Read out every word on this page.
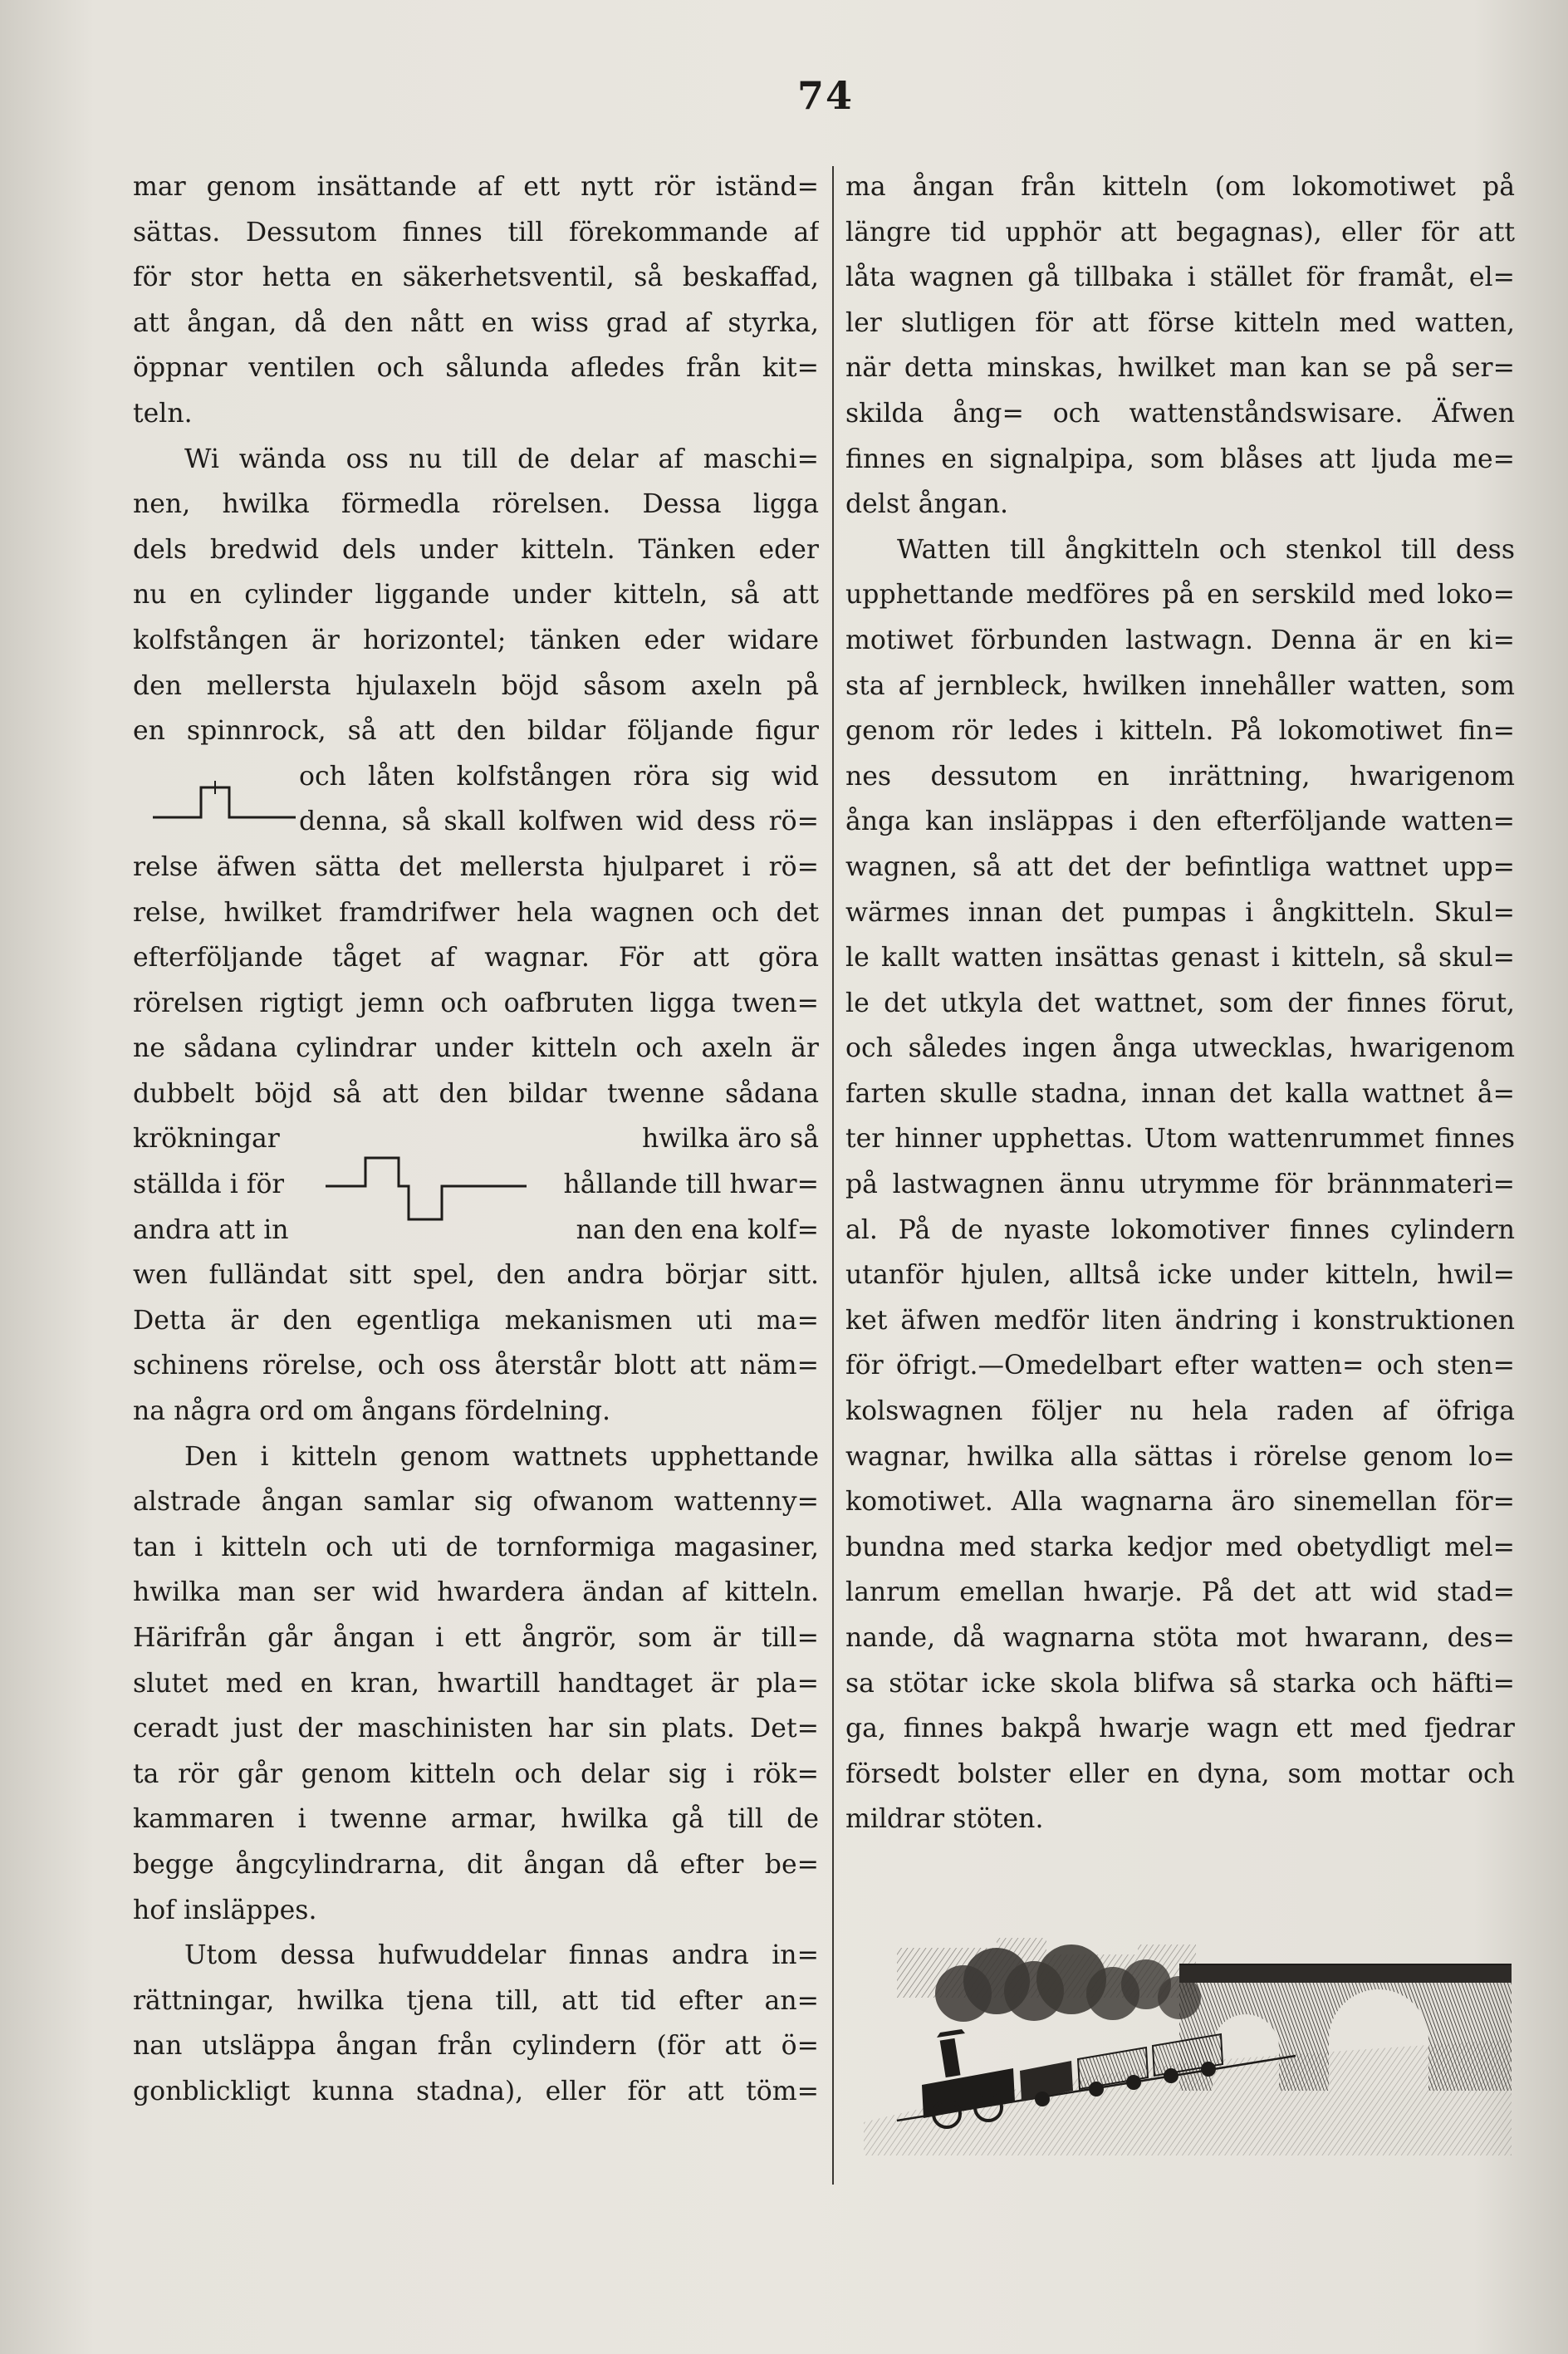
74
mar genom insättande af ett nytt rör iständ=
sättas. Dessutom finnes till förekommande af
för stor hetta en säkerhetsventil, så beskaffad,
att ångan, då den nått en wiss grad af styrka,
öppnar ventilen och sålunda afledes från kit=
teln.
Wi wända oss nu till de delar af maschi=
nen, hwilka förmedla rörelsen. Dessa ligga
dels bredwid dels under kitteln. Tänken eder
nu en cylinder liggande under kitteln, så att
kolfstången är horizontel; tänken eder widare
den mellersta hjulaxeln böjd såsom axeln på
en spinnrock, så att den bildar följande figur
och låten kolfstången röra sig wid
denna, så skall kolfwen wid dess rö=
relse äfwen sätta det mellersta hjulparet i rö=
relse, hwilket framdrifwer hela wagnen och det
efterföljande tåget af wagnar. För att göra
rörelsen rigtigt jemn och oafbruten ligga twen=
ne sådana cylindrar under kitteln och axeln är
dubbelt böjd så att den bildar twenne sådana
krökningar	hwilka äro så
ställda i för	hållande till hwar=
andra att in	nan den ena kolf=
wen fulländat sitt spel, den andra börjar sitt.
Detta är den egentliga mekanismen uti ma=
schinens rörelse, och oss återstår blott att näm=
na några ord om ångans fördelning.
Den i kitteln genom wattnets upphettande
alstrade ångan samlar sig ofwanom wattenny=
tan i kitteln och uti de tornformiga magasiner,
hwilka man ser wid hwardera ändan af kitteln.
Härifrån går ångan i ett ångrör, som är till=
slutet med en kran, hwartill handtaget är pla=
ceradt just der maschinisten har sin plats. Det=
ta rör går genom kitteln och delar sig i rök=
kammaren i twenne armar, hwilka gå till de
begge ångcylindrarna, dit ångan då efter be=
hof insläppes.
Utom dessa hufwuddelar finnas andra in=
rättningar, hwilka tjena till, att tid efter an=
nan utsläppa ångan från cylindern (för att ö=
gonblickligt kunna stadna), eller för att töm=
ma ångan från kitteln (om lokomotiwet på
längre tid upphör att begagnas), eller för att
låta wagnen gå tillbaka i stället för framåt, el=
ler slutligen för att förse kitteln med watten,
när detta minskas, hwilket man kan se på ser=
skilda ång= och wattenståndswisare. Äfwen
finnes en signalpipa, som blåses att ljuda me=
delst ångan.
Watten till ångkitteln och stenkol till dess
upphettande medföres på en serskild med loko=
motiwet förbunden lastwagn. Denna är en ki=
sta af jernbleck, hwilken innehåller watten, som
genom rör ledes i kitteln. På lokomotiwet fin=
nes dessutom en inrättning, hwarigenom
ånga kan insläppas i den efterföljande watten=
wagnen, så att det der befintliga wattnet upp=
wärmes innan det pumpas i ångkitteln. Skul=
le kallt watten insättas genast i kitteln, så skul=
le det utkyla det wattnet, som der finnes förut,
och således ingen ånga utwecklas, hwarigenom
farten skulle stadna, innan det kalla wattnet å=
ter hinner upphettas. Utom wattenrummet finnes
på lastwagnen ännu utrymme för brännmateri=
al. På de nyaste lokomotiver finnes cylindern
utanför hjulen, alltså icke under kitteln, hwil=
ket äfwen medför liten ändring i konstruktionen
för öfrigt.—Omedelbart efter watten= och sten=
kolswagnen följer nu hela raden af öfriga
wagnar, hwilka alla sättas i rörelse genom lo=
komotiwet. Alla wagnarna äro sinemellan för=
bundna med starka kedjor med obetydligt mel=
lanrum emellan hwarje. På det att wid stad=
nande, då wagnarna stöta mot hwarann, des=
sa stötar icke skola blifwa så starka och häfti=
ga, finnes bakpå hwarje wagn ett med fjedrar
försedt bolster eller en dyna, som mottar och
mildrar stöten.
